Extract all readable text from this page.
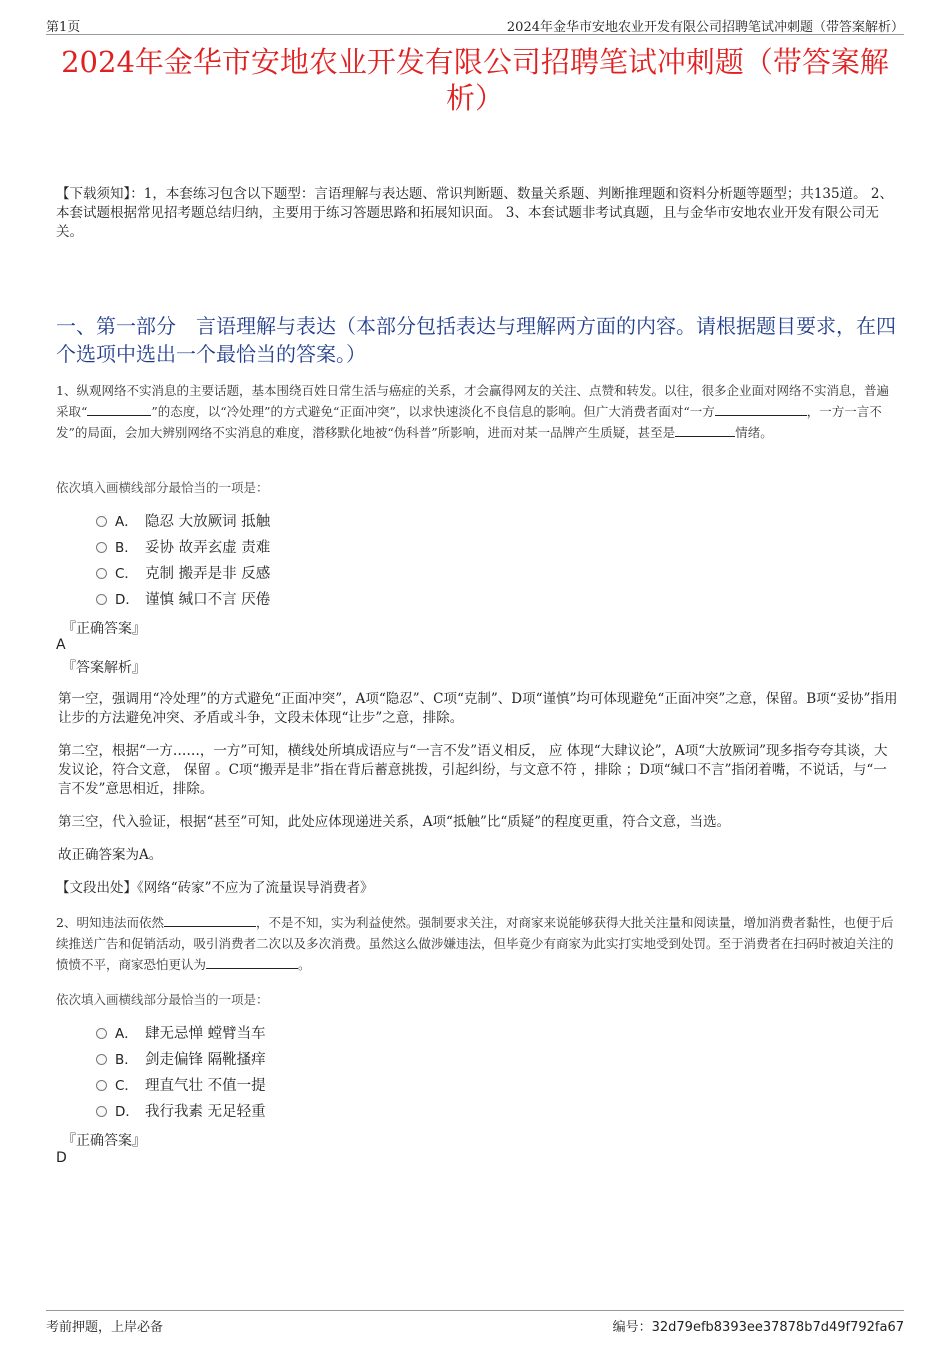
第1页	2024年金华市安地农业开发有限公司招聘笔试冲刺题（带答案解析）
2024年金华市安地农业开发有限公司招聘笔试冲刺题（带答案解析）
【下载须知】：1，本套练习包含以下题型：言语理解与表达题、常识判断题、数量关系题、判断推理题和资料分析题等题型；共135道。 2、本套试题根据常见招考题总结归纳，主要用于练习答题思路和拓展知识面。 3、本套试题非考试真题，且与金华市安地农业开发有限公司无关。
一、第一部分　言语理解与表达（本部分包括表达与理解两方面的内容。请根据题目要求，在四个选项中选出一个最恰当的答案。）
1、纵观网络不实消息的主要话题，基本围绕百姓日常生活与癌症的关系，才会赢得网友的关注、点赞和转发。以往，很多企业面对网络不实消息，普遍采取“	”的态度，以“冷处理”的方式避免“正面冲突”，以求快速淡化不良信息的影响。但广大消费者面对“一方	，一方一言不发”的局面，会加大辨别网络不实消息的难度，潜移默化地被“伪科普”所影响，进而对某一品牌产生质疑，甚至是	情绪。
依次填入画横线部分最恰当的一项是：
A． 隐忍 大放厥词 抵触
B． 妥协 故弄玄虚 责难
C． 克制 搬弄是非 反感
D． 谨慎 缄口不言 厌倦
『正确答案』
A
『答案解析』
第一空，强调用“冷处理”的方式避免“正面冲突”，A项“隐忍”、C项“克制”、D项“谨慎”均可体现避免“正面冲突”之意，保留。B项“妥协”指用让步的方法避免冲突、矛盾或斗争，文段未体现“让步”之意，排除。
第二空，根据“一方……，一方”可知，横线处所填成语应与“一言不发”语义相反， 应 体现“大肆议论”，A项“大放厥词”现多指夸夸其谈，大发议论，符合文意， 保留 。C项“搬弄是非”指在背后蓄意挑拨，引起纠纷，与文意不符 ，排除 ；D项“缄口不言”指闭着嘴，不说话，与“一言不发”意思相近，排除。
第三空，代入验证，根据“甚至”可知，此处应体现递进关系，A项“抵触”比“质疑”的程度更重，符合文意，当选。
故正确答案为A。
【文段出处】《网络“砖家”不应为了流量误导消费者》
2、明知违法而依然	，不是不知，实为利益使然。强制要求关注，对商家来说能够获得大批关注量和阅读量，增加消费者黏性，也便于后续推送广告和促销活动，吸引消费者二次以及多次消费。虽然这么做涉嫌违法，但毕竟少有商家为此实打实地受到处罚。至于消费者在扫码时被迫关注的愤愤不平，商家恐怕更认为	。
依次填入画横线部分最恰当的一项是：
A． 肆无忌惮 螳臂当车
B． 剑走偏锋 隔靴搔痒
C． 理直气壮 不值一提
D． 我行我素 无足轻重
『正确答案』
D
考前押题，上岸必备	编号：32d79efb8393ee37878b7d49f792fa67
